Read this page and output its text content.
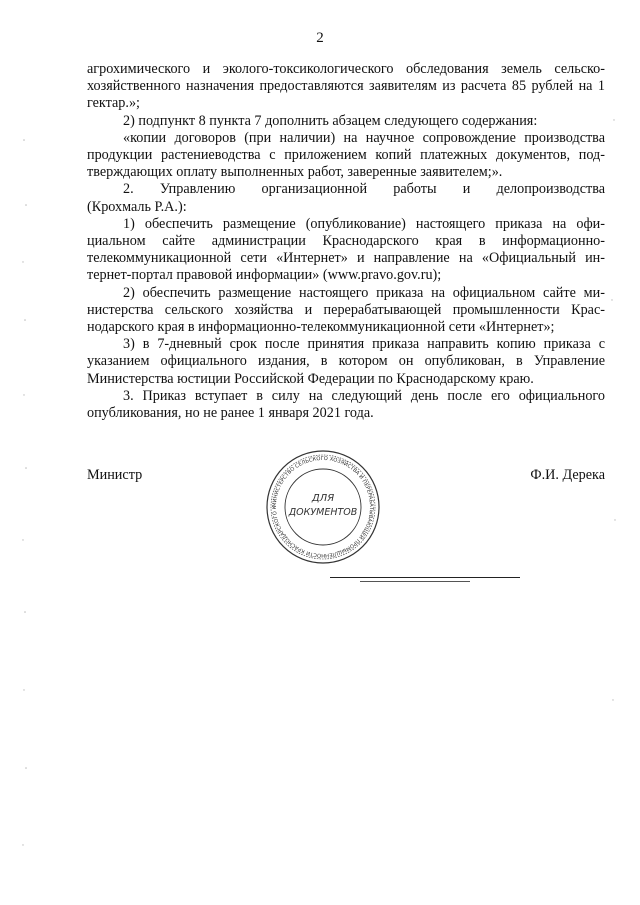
2

агрохимического и эколого-токсикологического обследования земель сельскохозяйственного назначения предоставляются заявителям из расчета 85 рублей на 1 гектар.»;

2) подпункт 8 пункта 7 дополнить абзацем следующего содержания:

«копии договоров (при наличии) на научное сопровождение производства продукции растениеводства с приложением копий платежных документов, подтверждающих оплату выполненных работ, заверенные заявителем;».

2. Управлению организационной работы и делопроизводства

(Крохмаль Р.А.):

1) обеспечить размещение (опубликование) настоящего приказа на официальном сайте администрации Краснодарского края в информационно-телекоммуникационной сети «Интернет» и направление на «Официальный интернет-портал правовой информации» (www.pravo.gov.ru);

2) обеспечить размещение настоящего приказа на официальном сайте министерства сельского хозяйства и перерабатывающей промышленности Краснодарского края в информационно-телекоммуникационной сети «Интернет»;

3) в 7-дневный срок после принятия приказа направить копию приказа с указанием официального издания, в котором он опубликован, в Управление Министерства юстиции Российской Федерации по Краснодарскому краю.

3. Приказ вступает в силу на следующий день после его официального опубликования, но не ранее 1 января 2021 года.

Министр	Ф.И. Дерека
МИНИСТЕРСТВО СЕЛЬСКОГО ХОЗЯЙСТВА И ПЕРЕРАБАТЫВАЮЩЕЙ ПРОМЫШЛЕННОСТИ КРАСНОДАРСКОГО К
ДЛЯ
ДОКУМЕНТОВ
